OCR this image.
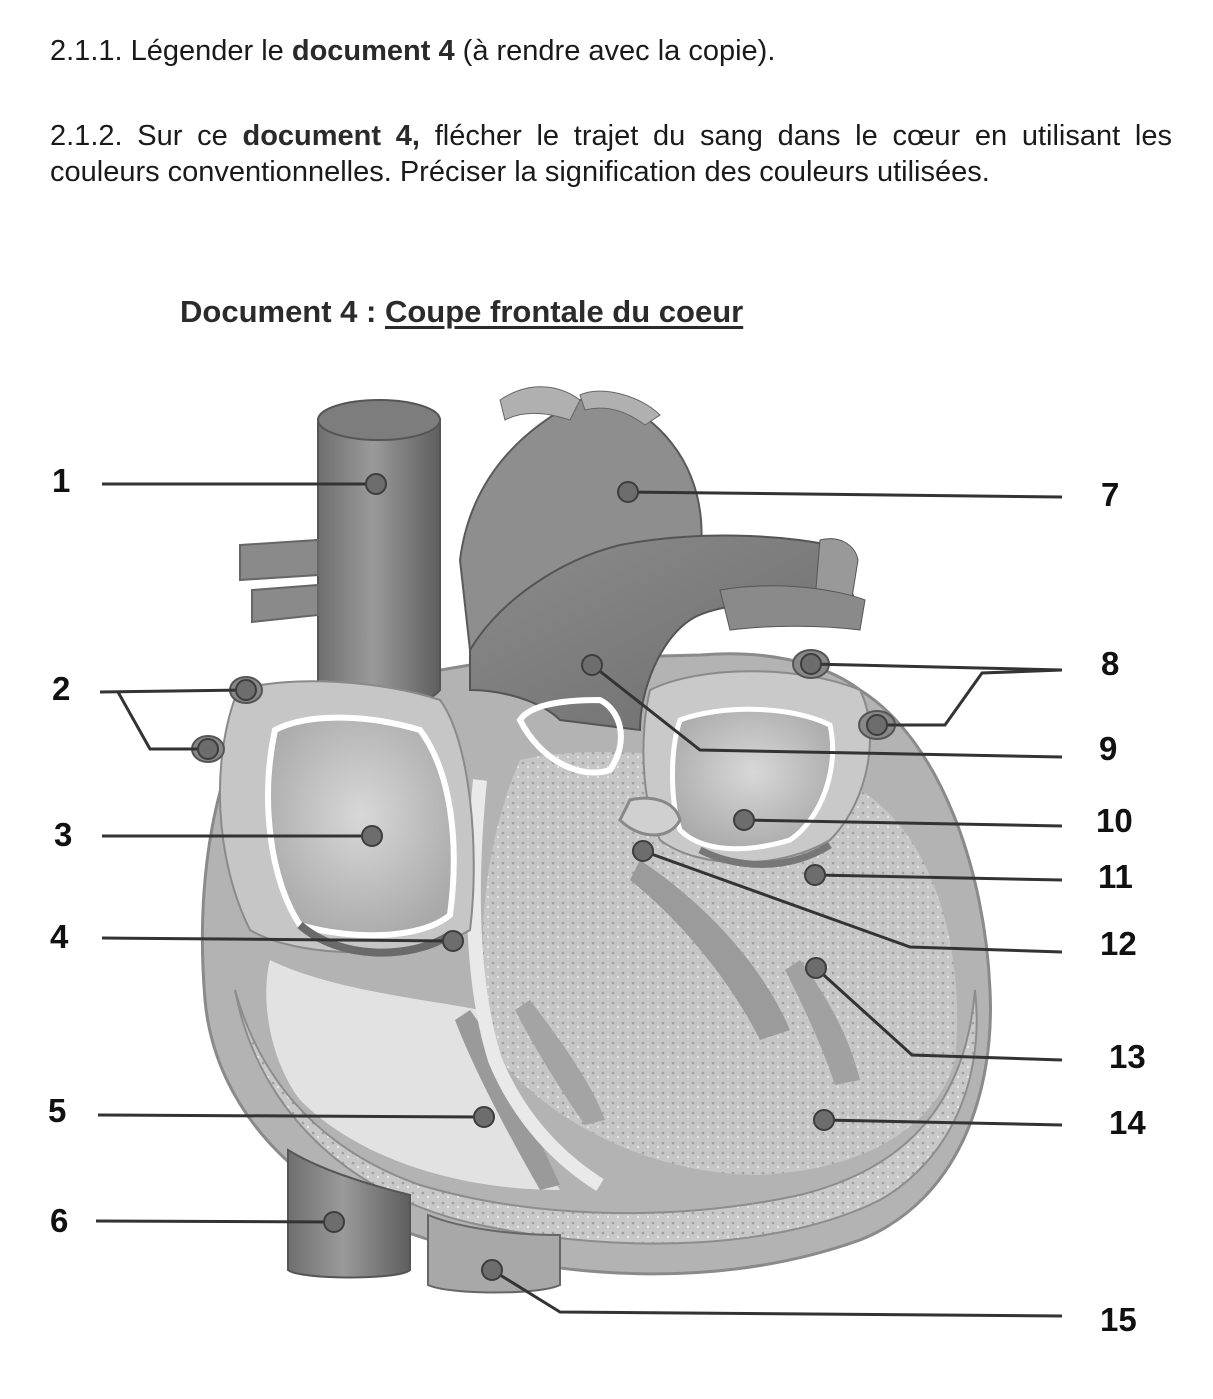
2.1.1. Légender le document 4 (à rendre avec la copie).
2.1.2. Sur ce document 4, flécher le trajet du sang dans le cœur en utilisant les couleurs conventionnelles. Préciser la signification des couleurs utilisées.
Document 4 : Coupe frontale du coeur
1
2
3
4
5
6
7
8
9
10
11
12
13
14
15
